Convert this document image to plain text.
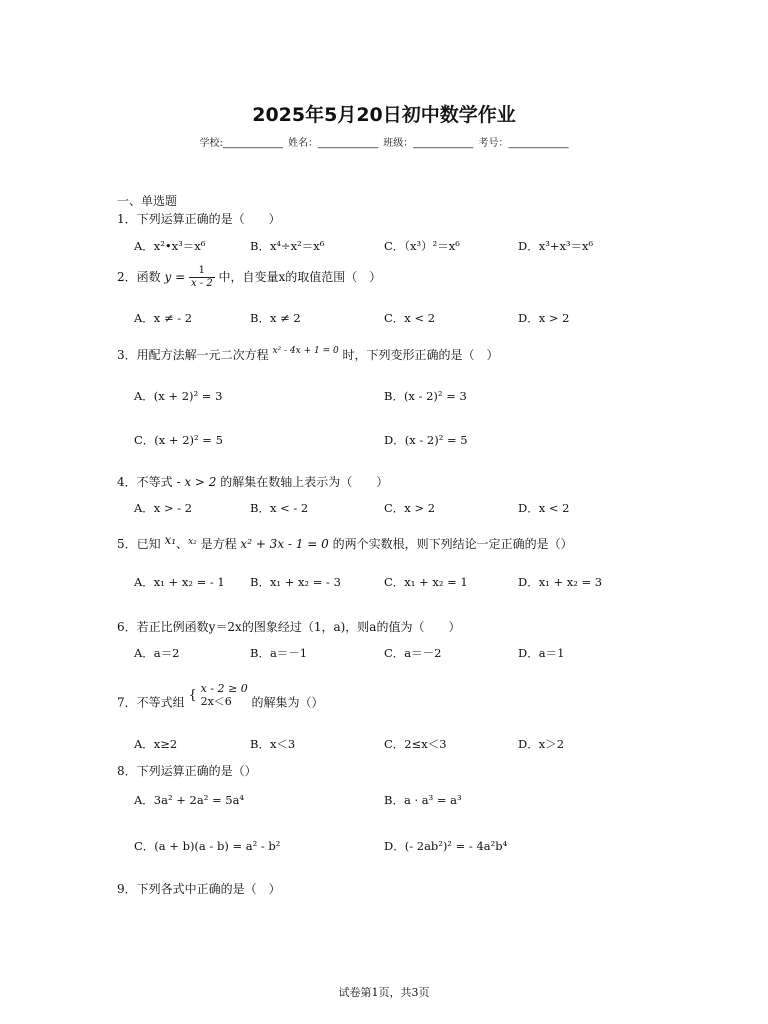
2025年5月20日初中数学作业
学校:____________ 姓名：____________ 班级：____________ 考号：____________
一、单选题
1．下列运算正确的是（　　）
A．x²•x³＝x⁶	B．x⁴÷x²＝x⁶	C．（x³）²＝x⁶	D．x³+x³＝x⁶
2．函数 $y = \frac{1}{x - 2}$ 中，自变量x的取值范围（　）
A．x ≠ - 2	B．x ≠ 2	C．x < 2	D．x > 2
3．用配方法解一元二次方程 $^{x^2 - 4x + 1 = 0}$ 时，下列变形正确的是（　）
A．(x + 2)² = 3	B．(x - 2)² = 3
C．(x + 2)² = 5	D．(x - 2)² = 5
4．不等式 - x > 2 的解集在数轴上表示为（　　）
A．x > - 2	B．x < - 2	C．x > 2	D．x < 2
5．已知 x₁、$^{x_2}$ 是方程 x² + 3x - 1 = 0 的两个实数根，则下列结论一定正确的是（）
A．x₁ + x₂ = - 1 B．x₁ + x₂ = - 3	C．x₁ + x₂ = 1	D．x₁ + x₂ = 3
6．若正比例函数y＝2x的图象经过（1，a)，则a的值为（　　）
A．a＝2	B．a＝－1	C．a＝－2	D．a＝1
7．不等式组 { x - 2 ≥ 0
2x＜6	的解集为（）
A．x≥2	B．x＜3	C．2≤x＜3	D．x＞2
8．下列运算正确的是（）
A．3a² + 2a² = 5a⁴	B．a · a³ = a³
C．(a + b)(a - b) = a² - b²	D．(- 2ab²)² = - 4a²b⁴
9．下列各式中正确的是（　）
试卷第1页，共3页
